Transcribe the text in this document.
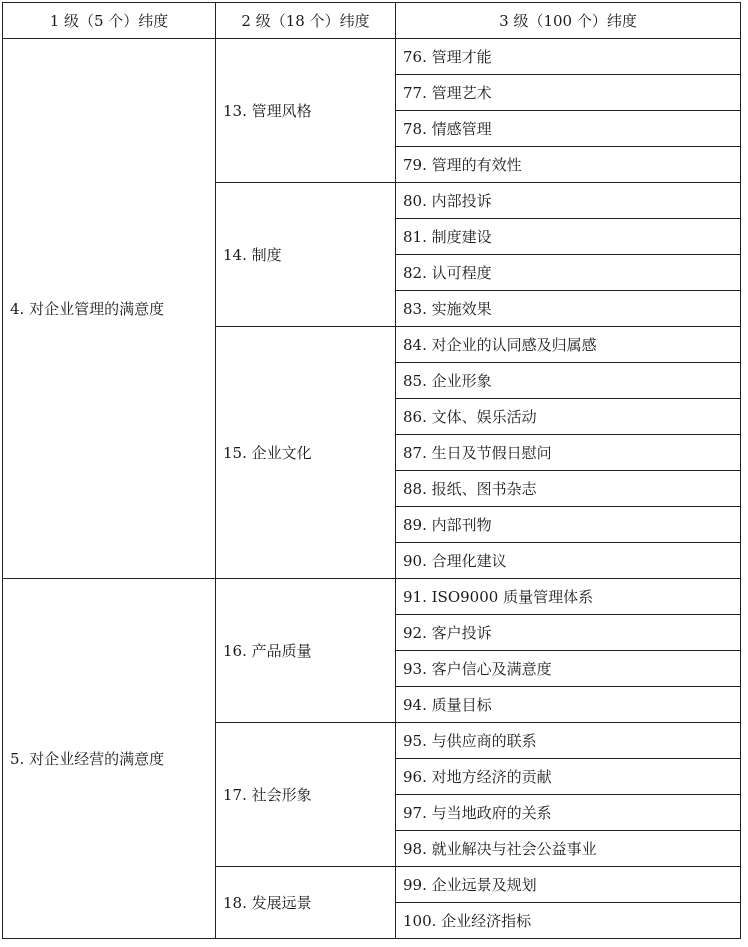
1 级（5 个）纬度	2 级（18 个）纬度	3 级（100 个）纬度
4. 对企业管理的满意度	13. 管理风格	76. 管理才能
		77. 管理艺术
		78. 情感管理
		79. 管理的有效性
	14. 制度	80. 内部投诉
		81. 制度建设
		82. 认可程度
		83. 实施效果
	15. 企业文化	84. 对企业的认同感及归属感
		85. 企业形象
		86. 文体、娱乐活动
		87. 生日及节假日慰问
		88. 报纸、图书杂志
		89. 内部刊物
		90. 合理化建议
5. 对企业经营的满意度	16. 产品质量	91. ISO9000 质量管理体系
		92. 客户投诉
		93. 客户信心及满意度
		94. 质量目标
	17. 社会形象	95. 与供应商的联系
		96. 对地方经济的贡献
		97. 与当地政府的关系
		98. 就业解决与社会公益事业
	18. 发展远景	99. 企业远景及规划
		100. 企业经济指标
